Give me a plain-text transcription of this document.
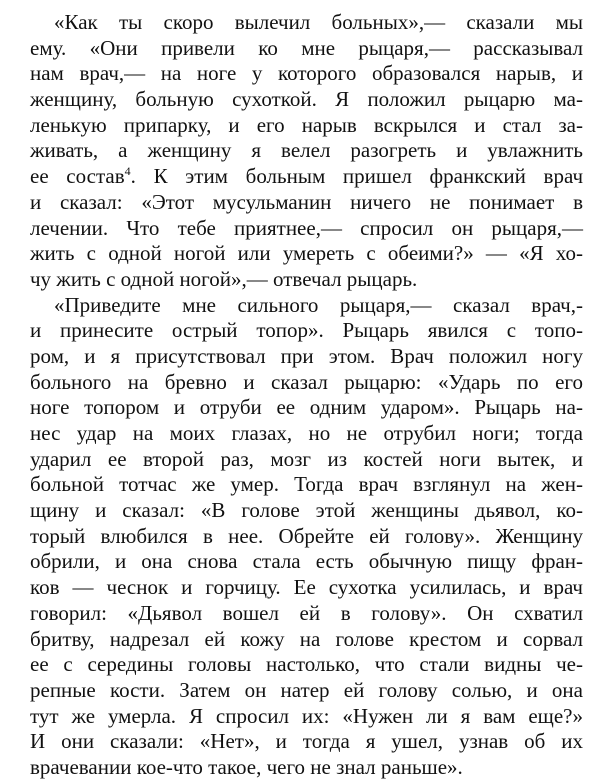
«Как ты скоро вылечил больных»,— сказали мы
ему. «Они привели ко мне рыцаря,— рассказывал
нам врач,— на ноге у которого образовался нарыв, и
женщину, больную сухоткой. Я положил рыцарю ма-
ленькую припарку, и его нарыв вскрылся и стал за-
живать, а женщину я велел разогреть и увлажнить
ее состав$^4$. К этим больным пришел франкский врач
и сказал: «Этот мусульманин ничего не понимает в
лечении. Что тебе приятнее,— спросил он рыцаря,—
жить с одной ногой или умереть с обеими?» — «Я хо-
чу жить с одной ногой»,— отвечал рыцарь.
«Приведите мне сильного рыцаря,— сказал врач,-
и принесите острый топор». Рыцарь явился с топо-
ром, и я присутствовал при этом. Врач положил ногу
больного на бревно и сказал рыцарю: «Ударь по его
ноге топором и отруби ее одним ударом». Рыцарь на-
нес удар на моих глазах, но не отрубил ноги; тогда
ударил ее второй раз, мозг из костей ноги вытек, и
больной тотчас же умер. Тогда врач взглянул на жен-
щину и сказал: «В голове этой женщины дьявол, ко-
торый влюбился в нее. Обрейте ей голову». Женщину
обрили, и она снова стала есть обычную пищу фран-
ков — чеснок и горчицу. Ее сухотка усилилась, и врач
говорил: «Дьявол вошел ей в голову». Он схватил
бритву, надрезал ей кожу на голове крестом и сорвал
ее с середины головы настолько, что стали видны че-
репные кости. Затем он натер ей голову солью, и она
тут же умерла. Я спросил их: «Нужен ли я вам еще?»
И они сказали: «Нет», и тогда я ушел, узнав об их
врачевании кое-что такое, чего не знал раньше».
